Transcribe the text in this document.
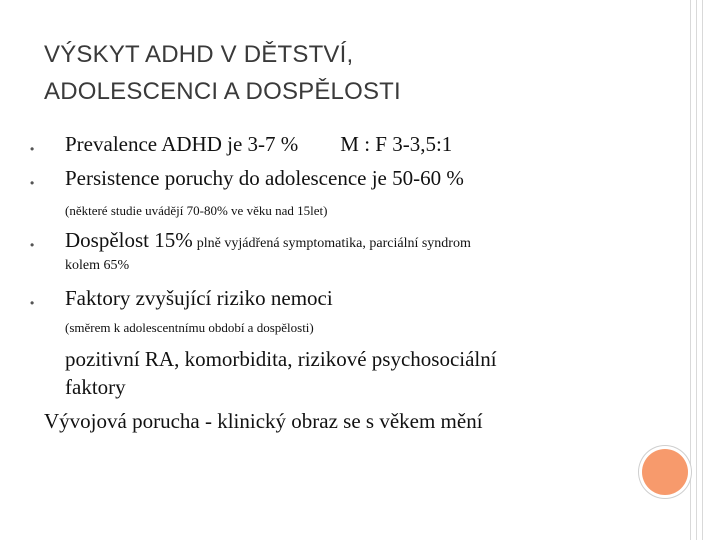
VÝSKYT ADHD V DĚTSTVÍ,
ADOLESCENCI A DOSPĚLOSTI
• Prevalence ADHD je 3-7 % M : F 3-3,5:1
• Persistence poruchy do adolescence je 50-60 %
(některé studie uvádějí 70-80% ve věku nad 15let)
• Dospělost 15% plně vyjádřená symptomatika, parciální syndrom
kolem 65%
• Faktory zvyšující riziko nemoci
(směrem k adolescentnímu období a dospělosti)
pozitivní RA, komorbidita, rizikové psychosociální
faktory
Vývojová porucha - klinický obraz se s věkem mění
